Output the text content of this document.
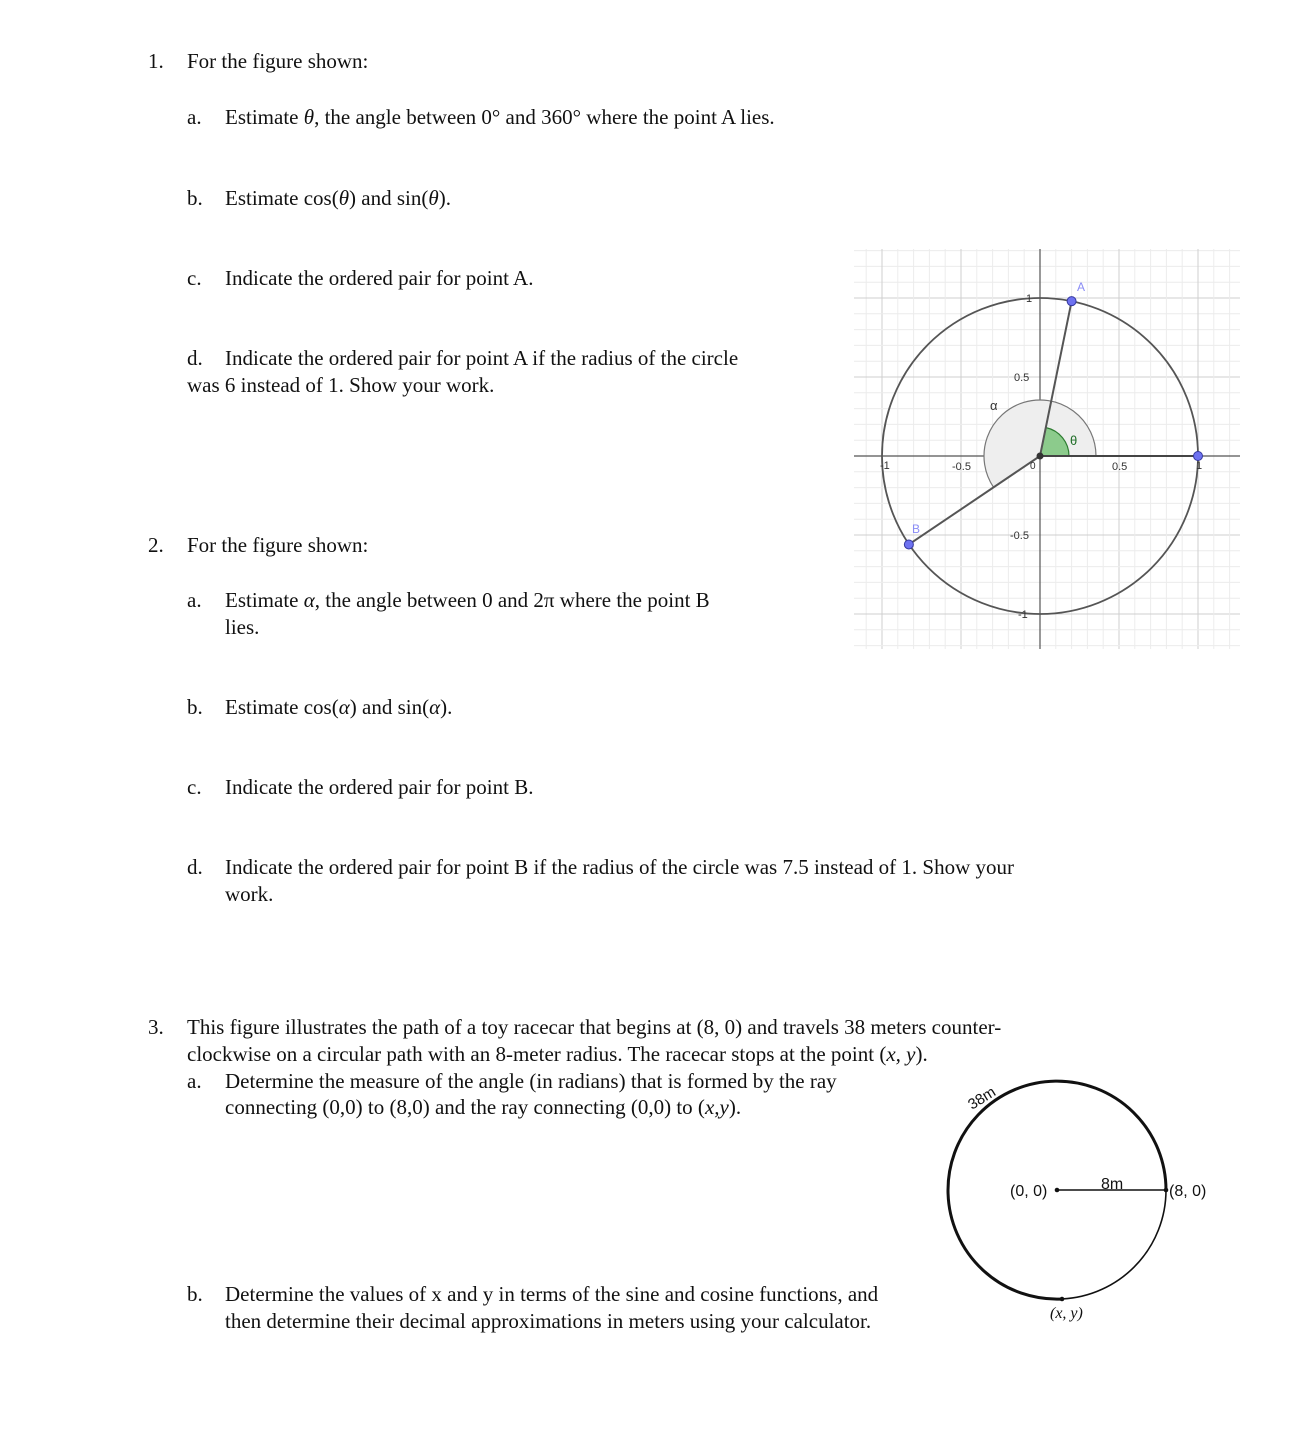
1. For the figure shown:
a. Estimate θ, the angle between 0° and 360° where the point A lies.
b. Estimate cos(θ) and sin(θ).
c. Indicate the ordered pair for point A.
d. Indicate the ordered pair for point A if the radius of the circle
was 6 instead of 1. Show your work.
-1	-0.5	0	0.5	1
1
0.5
-0.5
-1
α
θ
A
B
2. For the figure shown:
a. Estimate α, the angle between 0 and 2π where the point B
lies.
b. Estimate cos(α) and sin(α).
c. Indicate the ordered pair for point B.
d. Indicate the ordered pair for point B if the radius of the circle was 7.5 instead of 1. Show your
work.
3. This figure illustrates the path of a toy racecar that begins at (8, 0) and travels 38 meters counter-
clockwise on a circular path with an 8-meter radius. The racecar stops at the point (x, y).
a. Determine the measure of the angle (in radians) that is formed by the ray
connecting (0,0) to (8,0) and the ray connecting (0,0) to (x,y).
b. Determine the values of x and y in terms of the sine and cosine functions, and
then determine their decimal approximations in meters using your calculator.
38m
8m
(0, 0)	(8, 0)
(x, y)
